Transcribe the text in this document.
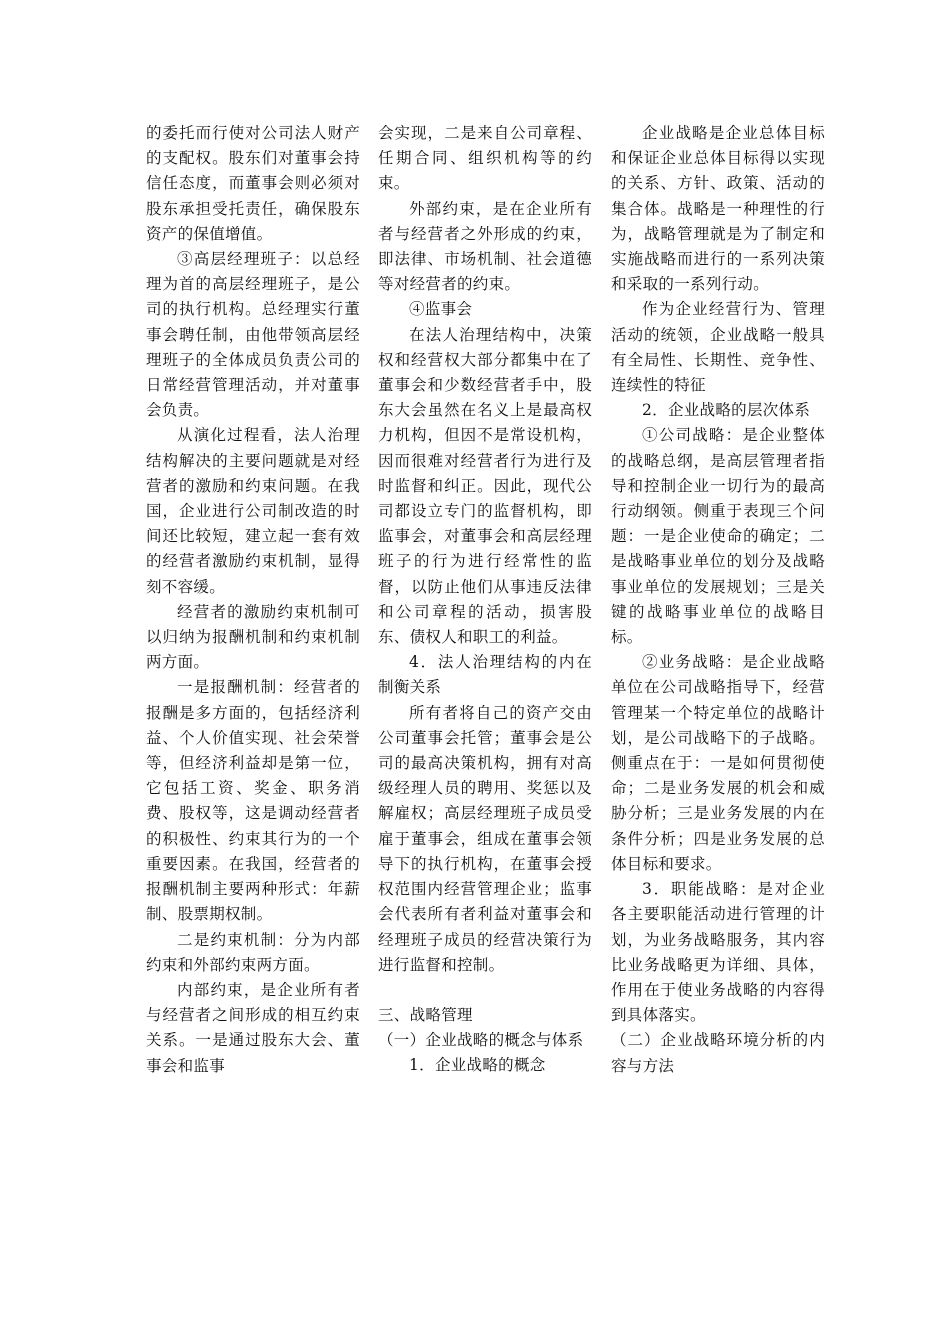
的委托而行使对公司法人财产的支配权。股东们对董事会持信任态度，而董事会则必须对股东承担受托责任，确保股东资产的保值增值。

③高层经理班子：以总经理为首的高层经理班子，是公司的执行机构。总经理实行董事会聘任制，由他带领高层经理班子的全体成员负责公司的日常经营管理活动，并对董事会负责。

从演化过程看，法人治理结构解决的主要问题就是对经营者的激励和约束问题。在我国，企业进行公司制改造的时间还比较短，建立起一套有效的经营者激励约束机制，显得刻不容缓。

经营者的激励约束机制可以归纳为报酬机制和约束机制两方面。

一是报酬机制：经营者的报酬是多方面的，包括经济利益、个人价值实现、社会荣誉等，但经济利益却是第一位，它包括工资、奖金、职务消费、股权等，这是调动经营者的积极性、约束其行为的一个重要因素。在我国，经营者的报酬机制主要两种形式：年薪制、股票期权制。

二是约束机制：分为内部约束和外部约束两方面。

内部约束，是企业所有者与经营者之间形成的相互约束关系。一是通过股东大会、董事会和监事

会实现，二是来自公司章程、任期合同、组织机构等的约束。

外部约束，是在企业所有者与经营者之外形成的约束，即法律、市场机制、社会道德等对经营者的约束。

④监事会

在法人治理结构中，决策权和经营权大部分都集中在了董事会和少数经营者手中，股东大会虽然在名义上是最高权力机构，但因不是常设机构，因而很难对经营者行为进行及时监督和纠正。因此，现代公司都设立专门的监督机构，即监事会，对董事会和高层经理班子的行为进行经常性的监督，以防止他们从事违反法律和公司章程的活动，损害股东、债权人和职工的利益。

4．法人治理结构的内在制衡关系

所有者将自己的资产交由公司董事会托管；董事会是公司的最高决策机构，拥有对高级经理人员的聘用、奖惩以及解雇权；高层经理班子成员受雇于董事会，组成在董事会领导下的执行机构，在董事会授权范围内经营管理企业；监事会代表所有者利益对董事会和经理班子成员的经营决策行为进行监督和控制。

三、战略管理

（一）企业战略的概念与体系

1．企业战略的概念

企业战略是企业总体目标和保证企业总体目标得以实现的关系、方针、政策、活动的集合体。战略是一种理性的行为，战略管理就是为了制定和实施战略而进行的一系列决策和采取的一系列行动。

作为企业经营行为、管理活动的统领，企业战略一般具有全局性、长期性、竞争性、连续性的特征

2．企业战略的层次体系

①公司战略：是企业整体的战略总纲，是高层管理者指导和控制企业一切行为的最高行动纲领。侧重于表现三个问题：一是企业使命的确定；二是战略事业单位的划分及战略事业单位的发展规划；三是关键的战略事业单位的战略目标。

②业务战略：是企业战略单位在公司战略指导下，经营管理某一个特定单位的战略计划，是公司战略下的子战略。侧重点在于：一是如何贯彻使命；二是业务发展的机会和威胁分析；三是业务发展的内在条件分析；四是业务发展的总体目标和要求。

3．职能战略：是对企业各主要职能活动进行管理的计划，为业务战略服务，其内容比业务战略更为详细、具体，作用在于使业务战略的内容得到具体落实。

（二）企业战略环境分析的内容与方法
